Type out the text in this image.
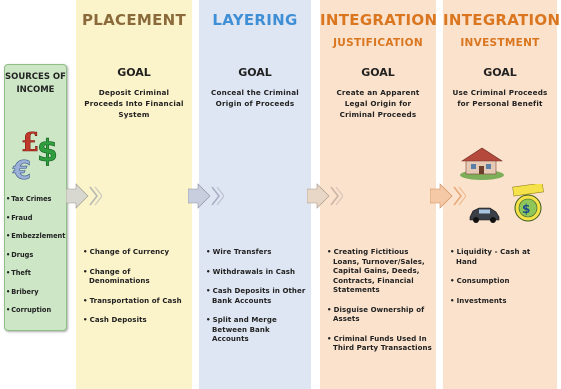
SOURCES OF INCOME
£
$
€
• Tax Crimes
• Fraud
• Embezzlement
• Drugs
• Theft
• Bribery
• Corruption
PLACEMENT
GOAL
Deposit Criminal Proceeds Into Financial System
• Change of Currency
• Change of Denominations
• Transportation of Cash
• Cash Deposits
LAYERING
GOAL
Conceal the Criminal Origin of Proceeds
• Wire Transfers
• Withdrawals in Cash
• Cash Deposits in Other Bank Accounts
• Split and Merge Between Bank Accounts
INTEGRATION
JUSTIFICATION
GOAL
Create an Apparent Legal Origin for Criminal Proceeds
• Creating Fictitious Loans, Turnover/Sales, Capital Gains, Deeds, Contracts, Financial Statements
• Disguise Ownership of Assets
• Criminal Funds Used In Third Party Transactions
INTEGRATION
INVESTMENT
GOAL
Use Criminal Proceeds for Personal Benefit
$
• Liquidity - Cash at Hand
• Consumption
• Investments
